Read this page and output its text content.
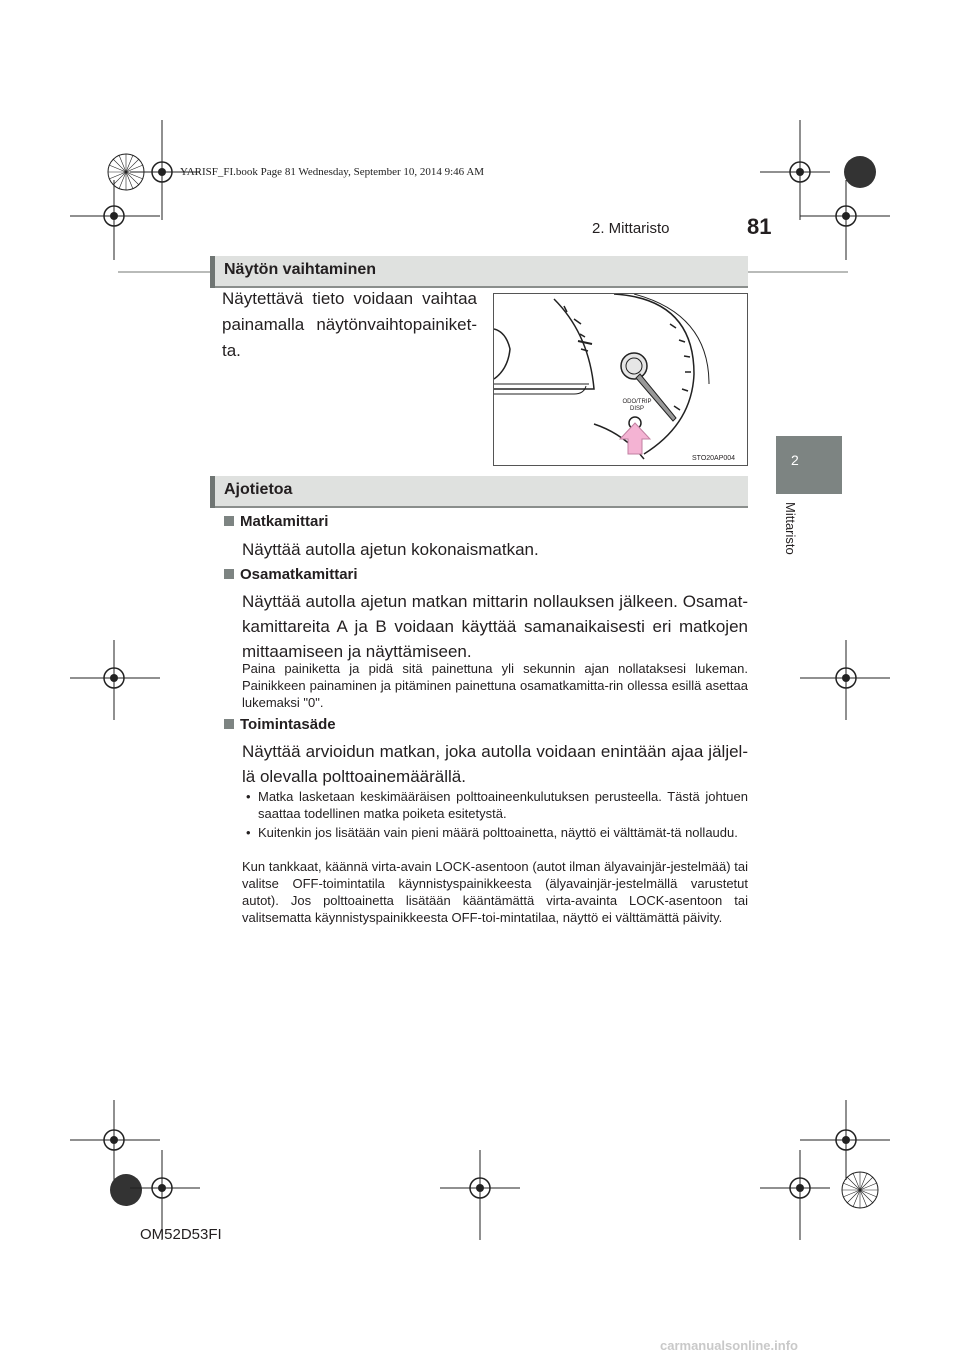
YARISF_FI.book Page 81 Wednesday, September 10, 2014 9:46 AM
2. Mittaristo	81
2
Mittaristo
Näytön vaihtaminen
Näytettävä tieto voidaan vaihtaa painamalla näytönvaihtopainiket-ta.
ODO/TRIP
DISP
STO20AP004
Ajotietoa
Matkamittari
Näyttää autolla ajetun kokonaismatkan.
Osamatkamittari
Näyttää autolla ajetun matkan mittarin nollauksen jälkeen. Osamat-kamittareita A ja B voidaan käyttää samanaikaisesti eri matkojen mittaamiseen ja näyttämiseen.
Paina painiketta ja pidä sitä painettuna yli sekunnin ajan nollataksesi lukeman. Painikkeen painaminen ja pitäminen painettuna osamatkamitta-rin ollessa esillä asettaa lukemaksi "0".
Toimintasäde
Näyttää arvioidun matkan, joka autolla voidaan enintään ajaa jäljel-lä olevalla polttoainemäärällä.
• Matka lasketaan keskimääräisen polttoaineenkulutuksen perusteella. Tästä johtuen saattaa todellinen matka poiketa esitetystä.
• Kuitenkin jos lisätään vain pieni määrä polttoainetta, näyttö ei välttämät-tä nollaudu.
Kun tankkaat, käännä virta-avain LOCK-asentoon (autot ilman älyavainjär-jestelmää) tai valitse OFF-toimintatila käynnistyspainikkeesta (älyavainjär-jestelmällä varustetut autot). Jos polttoainetta lisätään kääntämättä virta-avainta LOCK-asentoon tai valitsematta käynnistyspainikkeesta OFF-toi-mintatilaa, näyttö ei välttämättä päivity.
OM52D53FI
carmanualsonline.info
